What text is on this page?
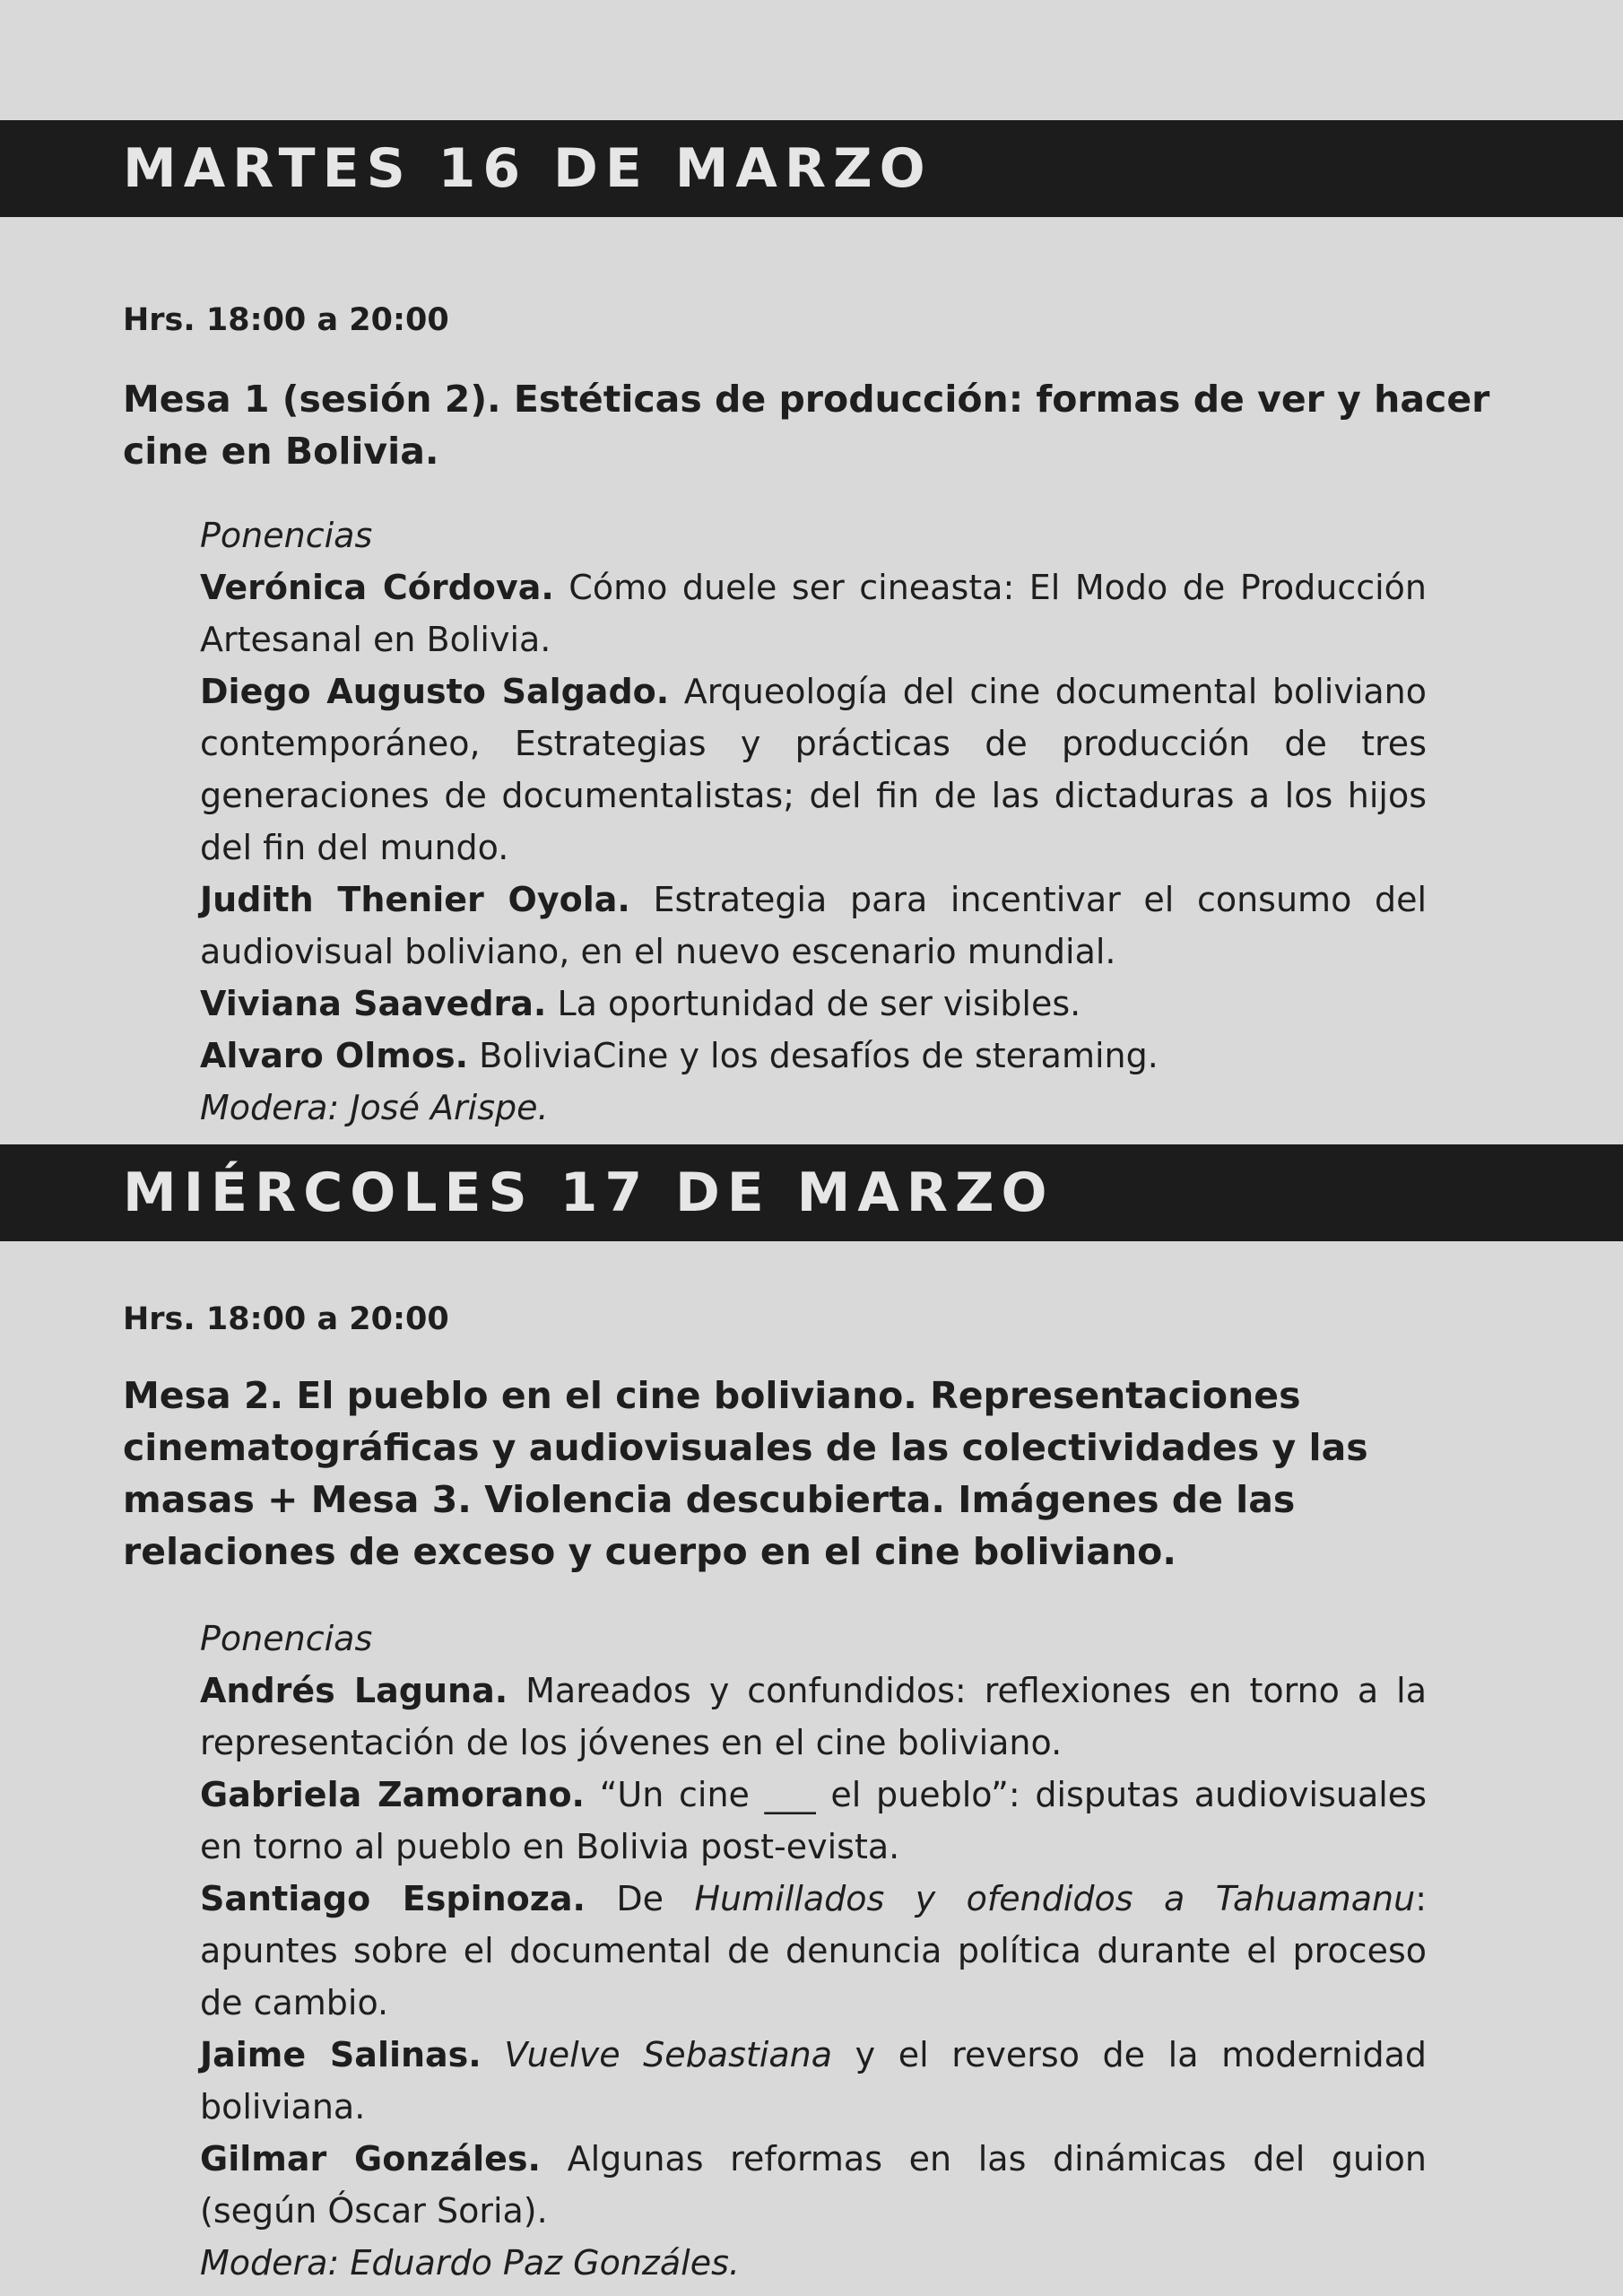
MARTES 16 DE MARZO

Hrs. 18:00 a 20:00

Mesa 1 (sesión 2). Estéticas de producción: formas de ver y hacer cine en Bolivia.

Ponencias

Verónica Córdova. Cómo duele ser cineasta: El Modo de Producción Artesanal en Bolivia.

Diego Augusto Salgado. Arqueología del cine documental boliviano contemporáneo, Estrategias y prácticas de producción de tres generaciones de documentalistas; del fin de las dictaduras a los hijos del fin del mundo.

Judith Thenier Oyola. Estrategia para incentivar el consumo del audiovisual boliviano, en el nuevo escenario mundial.

Viviana Saavedra. La oportunidad de ser visibles.

Alvaro Olmos. BoliviaCine y los desafíos de steraming.

Modera: José Arispe.

MIÉRCOLES 17 DE MARZO

Hrs. 18:00 a 20:00

Mesa 2. El pueblo en el cine boliviano. Representaciones cinematográficas y audiovisuales de las colectividades y las masas + Mesa 3. Violencia descubierta. Imágenes de las relaciones de exceso y cuerpo en el cine boliviano.

Ponencias

Andrés Laguna. Mareados y confundidos: reflexiones en torno a la representación de los jóvenes en el cine boliviano.

Gabriela Zamorano. “Un cine ___ el pueblo”: disputas audiovisuales en torno al pueblo en Bolivia post-evista.

Santiago Espinoza. De Humillados y ofendidos a Tahuamanu: apuntes sobre el documental de denuncia política durante el proceso de cambio.

Jaime Salinas. Vuelve Sebastiana y el reverso de la modernidad boliviana.

Gilmar Gonzáles. Algunas reformas en las dinámicas del guion (según Óscar Soria).

Modera: Eduardo Paz Gonzáles.
